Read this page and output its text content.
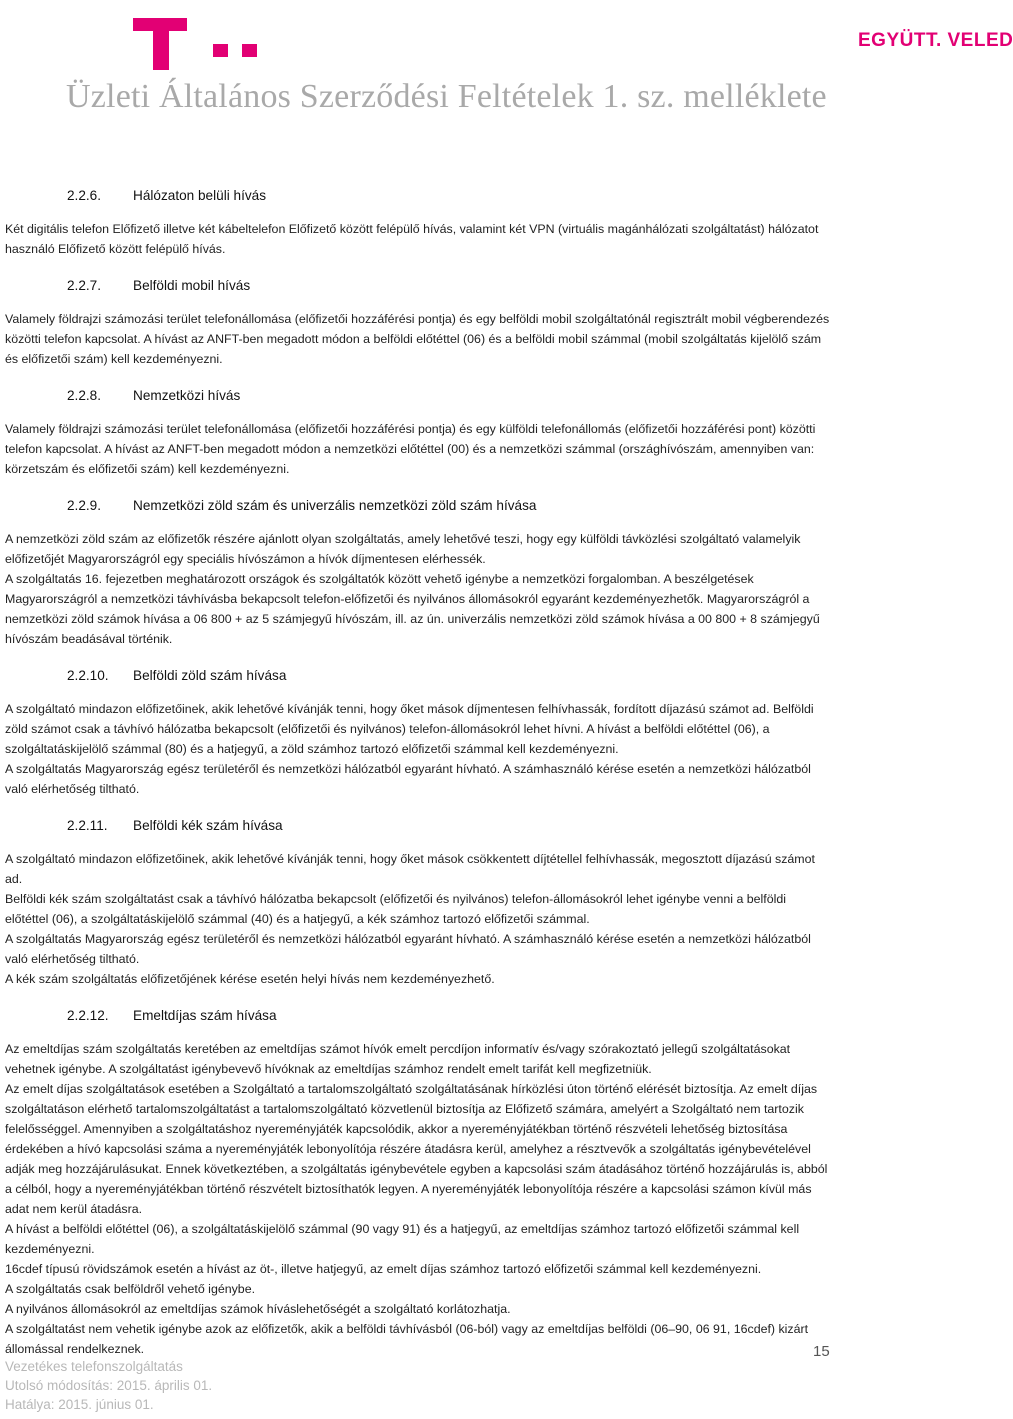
EGYÜTT. VELED
Üzleti Általános Szerződési Feltételek 1. sz. melléklete
2.2.6. Hálózaton belüli hívás

Két digitális telefon Előfizető illetve két kábeltelefon Előfizető között felépülő hívás, valamint két VPN (virtuális magánhálózati szolgáltatást) hálózatot használó Előfizető között felépülő hívás.

2.2.7. Belföldi mobil hívás

Valamely földrajzi számozási terület telefonállomása (előfizetői hozzáférési pontja) és egy belföldi mobil szolgáltatónál regisztrált mobil végberendezés közötti telefon kapcsolat. A hívást az ANFT-ben megadott módon a belföldi előtéttel (06) és a belföldi mobil számmal (mobil szolgáltatás kijelölő szám és előfizetői szám) kell kezdeményezni.

2.2.8. Nemzetközi hívás

Valamely földrajzi számozási terület telefonállomása (előfizetői hozzáférési pontja) és egy külföldi telefonállomás (előfizetői hozzáférési pont) közötti telefon kapcsolat. A hívást az ANFT-ben megadott módon a nemzetközi előtéttel (00) és a nemzetközi számmal (országhívószám, amennyiben van: körzetszám és előfizetői szám) kell kezdeményezni.

2.2.9. Nemzetközi zöld szám és univerzális nemzetközi zöld szám hívása

A nemzetközi zöld szám az előfizetők részére ajánlott olyan szolgáltatás, amely lehetővé teszi, hogy egy külföldi távközlési szolgáltató valamelyik előfizetőjét Magyarországról egy speciális hívószámon a hívók díjmentesen elérhessék.

A szolgáltatás 16. fejezetben meghatározott országok és szolgáltatók között vehető igénybe a nemzetközi forgalomban. A beszélgetések Magyarországról a nemzetközi távhívásba bekapcsolt telefon-előfizetői és nyilvános állomásokról egyaránt kezdeményezhetők. Magyarországról a nemzetközi zöld számok hívása a 06 800 + az 5 számjegyű hívószám, ill. az ún. univerzális nemzetközi zöld számok hívása a 00 800 + 8 számjegyű hívószám beadásával történik.

2.2.10. Belföldi zöld szám hívása

A szolgáltató mindazon előfizetőinek, akik lehetővé kívánják tenni, hogy őket mások díjmentesen felhívhassák, fordított díjazású számot ad. Belföldi zöld számot csak a távhívó hálózatba bekapcsolt (előfizetői és nyilvános) telefon-állomásokról lehet hívni. A hívást a belföldi előtéttel (06), a szolgáltatáskijelölő számmal (80) és a hatjegyű, a zöld számhoz tartozó előfizetői számmal kell kezdeményezni.

A szolgáltatás Magyarország egész területéről és nemzetközi hálózatból egyaránt hívható. A számhasználó kérése esetén a nemzetközi hálózatból való elérhetőség tiltható.

2.2.11. Belföldi kék szám hívása

A szolgáltató mindazon előfizetőinek, akik lehetővé kívánják tenni, hogy őket mások csökkentett díjtétellel felhívhassák, megosztott díjazású számot ad.

Belföldi kék szám szolgáltatást csak a távhívó hálózatba bekapcsolt (előfizetői és nyilvános) telefon-állomásokról lehet igénybe venni a belföldi előtéttel (06), a szolgáltatáskijelölő számmal (40) és a hatjegyű, a kék számhoz tartozó előfizetői számmal.

A szolgáltatás Magyarország egész területéről és nemzetközi hálózatból egyaránt hívható. A számhasználó kérése esetén a nemzetközi hálózatból való elérhetőség tiltható.

A kék szám szolgáltatás előfizetőjének kérése esetén helyi hívás nem kezdeményezhető.

2.2.12. Emeltdíjas szám hívása

Az emeltdíjas szám szolgáltatás keretében az emeltdíjas számot hívók emelt percdíjon informatív és/vagy szórakoztató jellegű szolgáltatásokat vehetnek igénybe. A szolgáltatást igénybevevő hívóknak az emeltdíjas számhoz rendelt emelt tarifát kell megfizetniük.

Az emelt díjas szolgáltatások esetében a Szolgáltató a tartalomszolgáltató szolgáltatásának hírközlési úton történő elérését biztosítja. Az emelt díjas szolgáltatáson elérhető tartalomszolgáltatást a tartalomszolgáltató közvetlenül biztosítja az Előfizető számára, amelyért a Szolgáltató nem tartozik felelősséggel. Amennyiben a szolgáltatáshoz nyereményjáték kapcsolódik, akkor a nyereményjátékban történő részvételi lehetőség biztosítása érdekében a hívó kapcsolási száma a nyereményjáték lebonyolítója részére átadásra kerül, amelyhez a résztvevők a szolgáltatás igénybevételével adják meg hozzájárulásukat. Ennek következtében, a szolgáltatás igénybevétele egyben a kapcsolási szám átadásához történő hozzájárulás is, abból a célból, hogy a nyereményjátékban történő részvételt biztosíthatók legyen. A nyereményjáték lebonyolítója részére a kapcsolási számon kívül más adat nem kerül átadásra.

A hívást a belföldi előtéttel (06), a szolgáltatáskijelölő számmal (90 vagy 91) és a hatjegyű, az emeltdíjas számhoz tartozó előfizetői számmal kell kezdeményezni.

16cdef típusú rövidszámok esetén a hívást az öt-, illetve hatjegyű, az emelt díjas számhoz tartozó előfizetői számmal kell kezdeményezni.

A szolgáltatás csak belföldről vehető igénybe.

A nyilvános állomásokról az emeltdíjas számok híváslehetőségét a szolgáltató korlátozhatja.

A szolgáltatást nem vehetik igénybe azok az előfizetők, akik a belföldi távhívásból (06-ból) vagy az emeltdíjas belföldi (06–90, 06 91, 16cdef) kizárt állomással rendelkeznek.

Vezetékes telefonszolgáltatás
Utolsó módosítás: 2015. április 01.
Hatálya: 2015. június 01.
15
